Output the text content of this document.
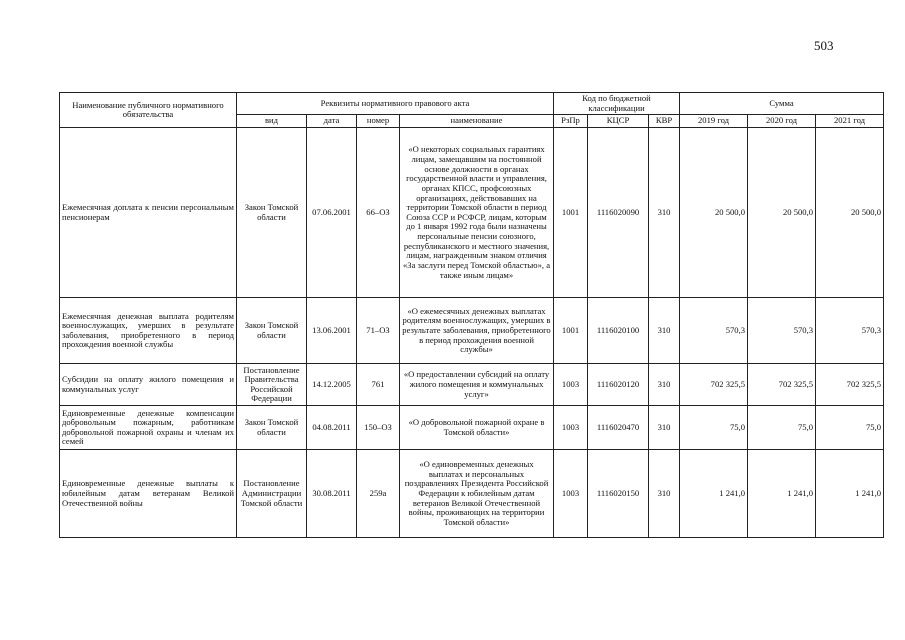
503
Наименование публичного нормативного обязательства	Реквизиты нормативного правового акта				Код по бюджетной классификации			Сумма		
	вид	дата	номер	наименование	РзПр	КЦСР	КВР	2019 год	2020 год	2021 год
Ежемесячная доплата к пенсии персональным пенсионерам	Закон Томской области	07.06.2001	66–ОЗ	«О некоторых социальных гарантиях лицам, замещавшим на постоянной основе должности в органах государственной власти и управления, органах КПСС, профсоюзных организациях, действовавших на территории Томской области в период Союза ССР и РСФСР, лицам, которым до 1 января 1992 года были назначены персональные пенсии союзного, республиканского и местного значения, лицам, награжденным знаком отличия «За заслуги перед Томской областью», а также иным лицам»	1001	1116020090	310	20 500,0	20 500,0	20 500,0
Ежемесячная денежная выплата родителям военнослужащих, умерших в результате заболевания, приобретенного в период прохождения военной службы	Закон Томской области	13.06.2001	71–ОЗ	«О ежемесячных денежных выплатах родителям военнослужащих, умерших в результате заболевания, приобретенного в период прохождения военной службы»	1001	1116020100	310	570,3	570,3	570,3
Субсидии на оплату жилого помещения и коммунальных услуг	Постановление Правительства Российской Федерации	14.12.2005	761	«О предоставлении субсидий на оплату жилого помещения и коммунальных услуг»	1003	1116020120	310	702 325,5	702 325,5	702 325,5
Единовременные денежные компенсации добровольным пожарным, работникам добровольной пожарной охраны и членам их семей	Закон Томской области	04.08.2011	150–ОЗ	«О добровольной пожарной охране в Томской области»	1003	1116020470	310	75,0	75,0	75,0
Единовременные денежные выплаты к юбилейным датам ветеранам Великой Отечественной войны	Постановление Администрации Томской области	30.08.2011	259а	«О единовременных денежных выплатах и персональных поздравлениях Президента Российской Федерации к юбилейным датам ветеранов Великой Отечественной войны, проживающих на территории Томской области»	1003	1116020150	310	1 241,0	1 241,0	1 241,0
